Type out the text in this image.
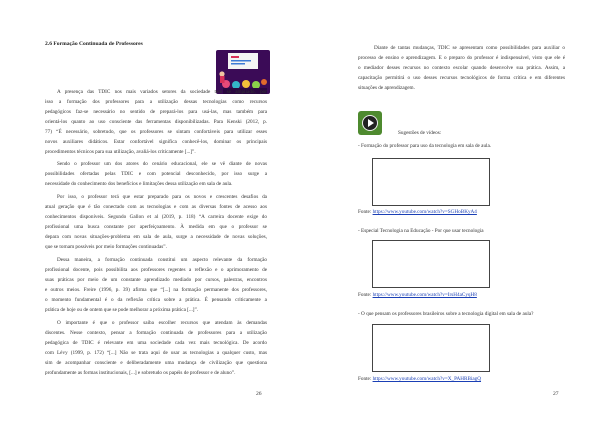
2.6 Formação Continuada de Professores
A presença das TDIC nos mais variados setores da sociedade tem se ampliado, por
isso a formação dos professores para a utilização dessas tecnologias como recursos
pedagógicos faz-se necessário no sentido de prepará-los para usá-las, mas também para
orientá-los quanto ao uso consciente das ferramentas disponibilizadas. Para Kenski (2012, p.
77) “É necessário, sobretudo, que os professores se sintam confortáveis para utilizar esses
novos auxiliares didáticos. Estar confortável significa conhecê-los, dominar os principais
procedimentos técnicos para sua utilização, avaliá-los criticamente [...]”.
Sendo o professor um dos atores do cenário educacional, ele se vê diante de novas
possibilidades ofertadas pelas TDIC e com potencial desconhecido, por isso surge a
necessidade do conhecimento dos benefícios e limitações dessa utilização em sala de aula.
Por isso, o professor terá que estar preparado para os novos e crescentes desafios da
atual geração que é tão conectado com as tecnologias e com as diversas fontes de acesso aos
conhecimentos disponíveis. Segundo Gallon et al (2019, p. 118) “A carreira docente exige do
profissional uma busca constante por aperfeiçoamento. À medida em que o professor se
depara com novas situações-problema em sala de aula, surge a necessidade de novas soluções,
que se tornam possíveis por meio formações continuadas”.
Dessa maneira, a formação continuada constitui um aspecto relevante da formação
profissional docente, pois possibilita aos professores regentes a reflexão e o aprimoramento de
suas práticas por meio de um constante aprendizado mediado por cursos, palestras, encontros
e outros meios. Freire (1996, p. 39) afirma que “[...] na formação permanente dos professores,
o momento fundamental é o da reflexão crítica sobre a prática. É pensando criticamente a
prática de hoje ou de ontem que se pode melhorar a próxima prática [...]”.
O importante é que o professor saiba escolher recursos que atendam às demandas
discentes. Nesse contexto, pensar a formação continuada de professores para a utilização
pedagógica de TDIC é relevante em uma sociedade cada vez mais tecnológica. De acordo
com Lévy (1999, p. 172) “[...] Não se trata aqui de usar as tecnologias a qualquer custo, mas
sim de acompanhar consciente e deliberadamente uma mudança de civilização que questiona
profundamente as formas institucionais, [...] e sobretudo os papéis de professor e de aluno”.
26
Diante de tantas mudanças, TDIC se apresentam como possibilidades para auxiliar o
processo de ensino e aprendizagem. E o preparo do professor é indispensável, visto que ele é
o mediador desses recursos no contexto escolar quando desenvolve sua prática. Assim, a
capacitação permitirá o uso desses recursos tecnológicos de forma crítica e em diferentes
situações de aprendizagem.
Sugestões de vídeos:
- Formação do professor para uso da tecnologia em sala de aula.
Fonte: https://www.youtube.com/watch?v=SGHoBKyA4
- Especial Tecnologia na Educação - Por que usar tecnologia
Fonte: https://www.youtube.com/watch?v=IrsH4aCyqH8
- O que pensam os professores brasileiros sobre a tecnologia digital em sala de aula?
Fonte: https://www.youtube.com/watch?v=X_PAHRBiagQ
27
